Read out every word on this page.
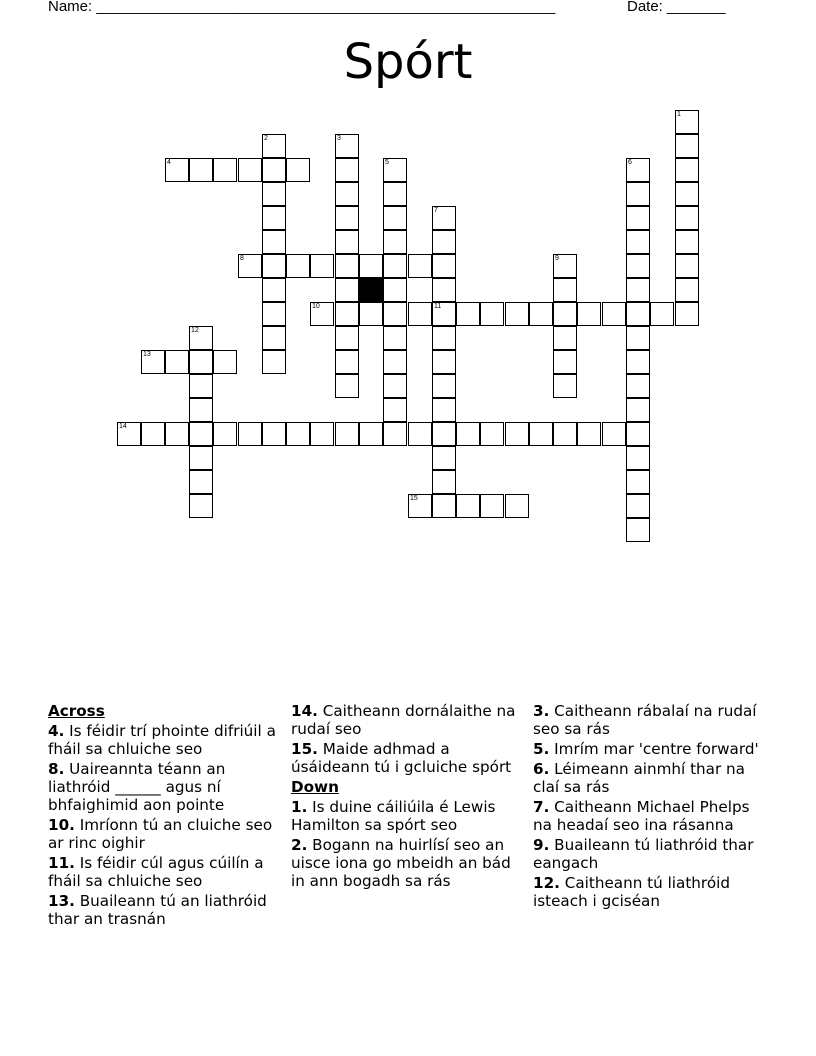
Name: _______________________________________________________	Date: _______
Spórt
1
2	3
4	5	6
7
8	9
10	11
12
13
14
15
Across
4. Is féidir trí phointe difriúil a fháil sa chluiche seo
8. Uaireannta téann an liathróid ______ agus ní bhfaighimid aon pointe
10. Imríonn tú an cluiche seo ar rinc oighir
11. Is féidir cúl agus cúilín a fháil sa chluiche seo
13. Buaileann tú an liathróid thar an trasnán
14. Caitheann dornálaithe na rudaí seo
15. Maide adhmad a úsáideann tú i gcluiche spórt
Down
1. Is duine cáiliúila é Lewis Hamilton sa spórt seo
2. Bogann na huirlísí seo an uisce iona go mbeidh an bád in ann bogadh sa rás
3. Caitheann rábalaí na rudaí seo sa rás
5. Imrím mar 'centre forward'
6. Léimeann ainmhí thar na claí sa rás
7. Caitheann Michael Phelps na headaí seo ina rásanna
9. Buaileann tú liathróid thar eangach
12. Caitheann tú liathróid isteach i gciséan
